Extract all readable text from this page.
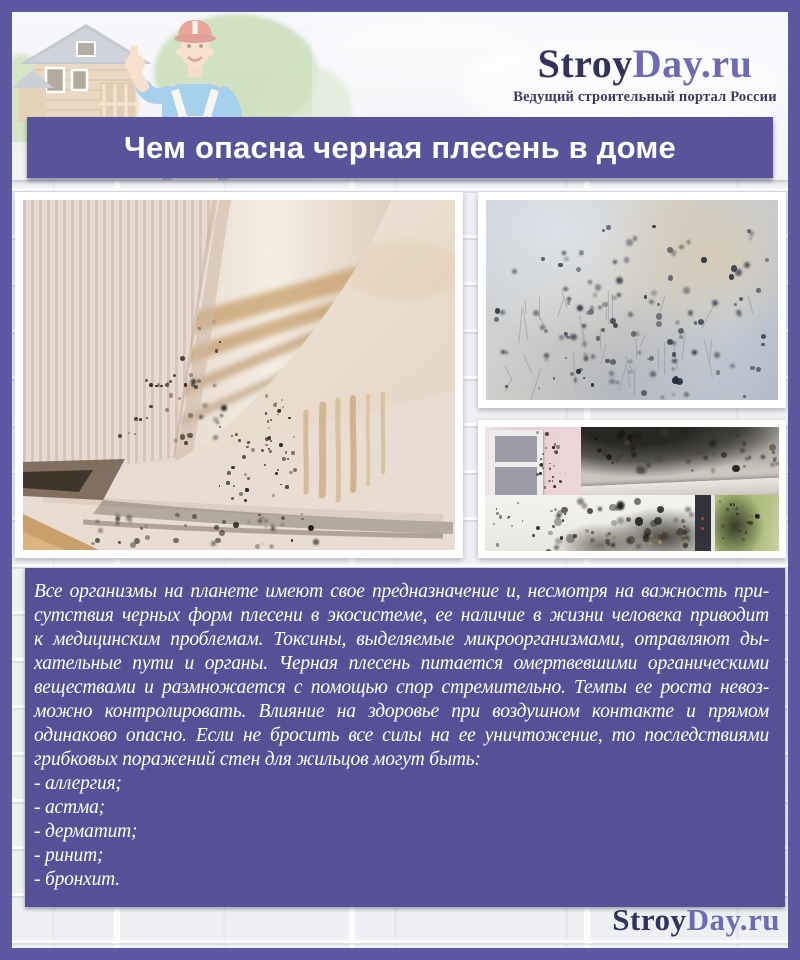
StroyDay.ru
Ведущий строительный портал России
Чем опасна черная плесень в доме
Все организмы на планете имеют свое предназначение и, несмотря на важность при-
сутствия черных форм плесени в экосистеме, ее наличие в жизни человека приводит
к медицинским проблемам. Токсины, выделяемые микроорганизмами, отравляют ды-
хательные пути и органы. Черная плесень питается омертвевшими органическими
веществами и размножается с помощью спор стремительно. Темпы ее роста невоз-
можно контролировать. Влияние на здоровье при воздушном контакте и прямом
одинаково опасно. Если не бросить все силы на ее уничтожение, то последствиями
грибковых поражений стен для жильцов могут быть:
- аллергия;
- астма;
- дерматит;
- ринит;
- бронхит.
StroyDay.ru
